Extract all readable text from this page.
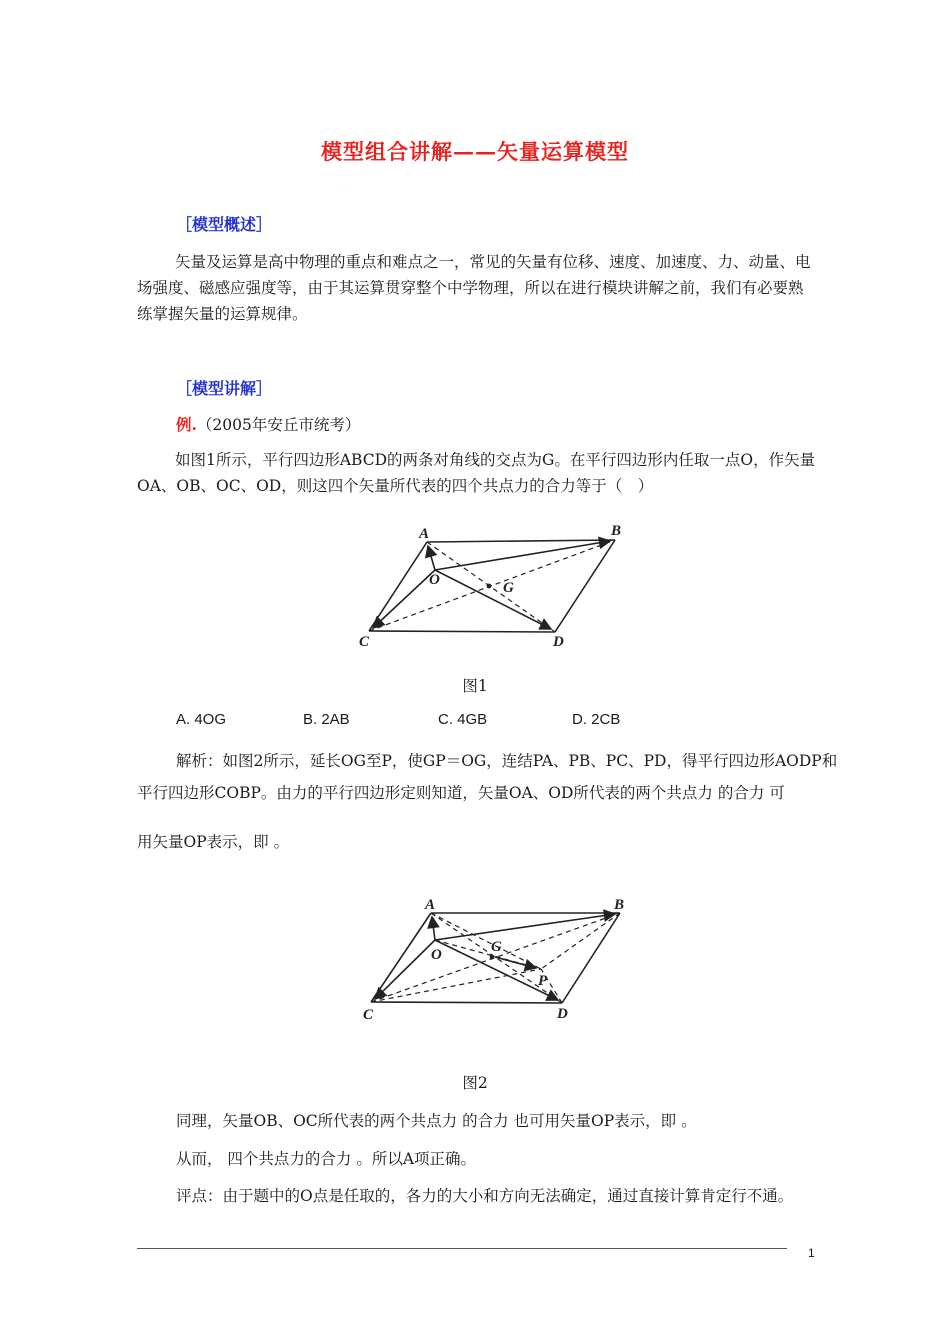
模型组合讲解——矢量运算模型
［模型概述］
矢量及运算是高中物理的重点和难点之一，常见的矢量有位移、速度、加速度、力、动量、电场强度、磁感应强度等，由于其运算贯穿整个中学物理，所以在进行模块讲解之前，我们有必要熟练掌握矢量的运算规律。
［模型讲解］
例.（2005年安丘市统考）
如图1所示，平行四边形ABCD的两条对角线的交点为G。在平行四边形内任取一点O，作矢量OA、OB、OC、OD，则这四个矢量所代表的四个共点力的合力等于（　）
A	B
C	D
O	G
图1
A. 4OG	B. 2AB	C. 4GB	D. 2CB
解析：如图2所示，延长OG至P，使GP＝OG，连结PA、PB、PC、PD，得平行四边形AODP和
平行四边形COBP。由力的平行四边形定则知道，矢量OA、OD所代表的两个共点力 的合力 可
用矢量OP表示，即 。
A	B
C	D
O	G
P
图2
同理，矢量OB、OC所代表的两个共点力 的合力 也可用矢量OP表示，即 。
从而， 四个共点力的合力 。所以A项正确。
评点：由于题中的O点是任取的，各力的大小和方向无法确定，通过直接计算肯定行不通。
1
